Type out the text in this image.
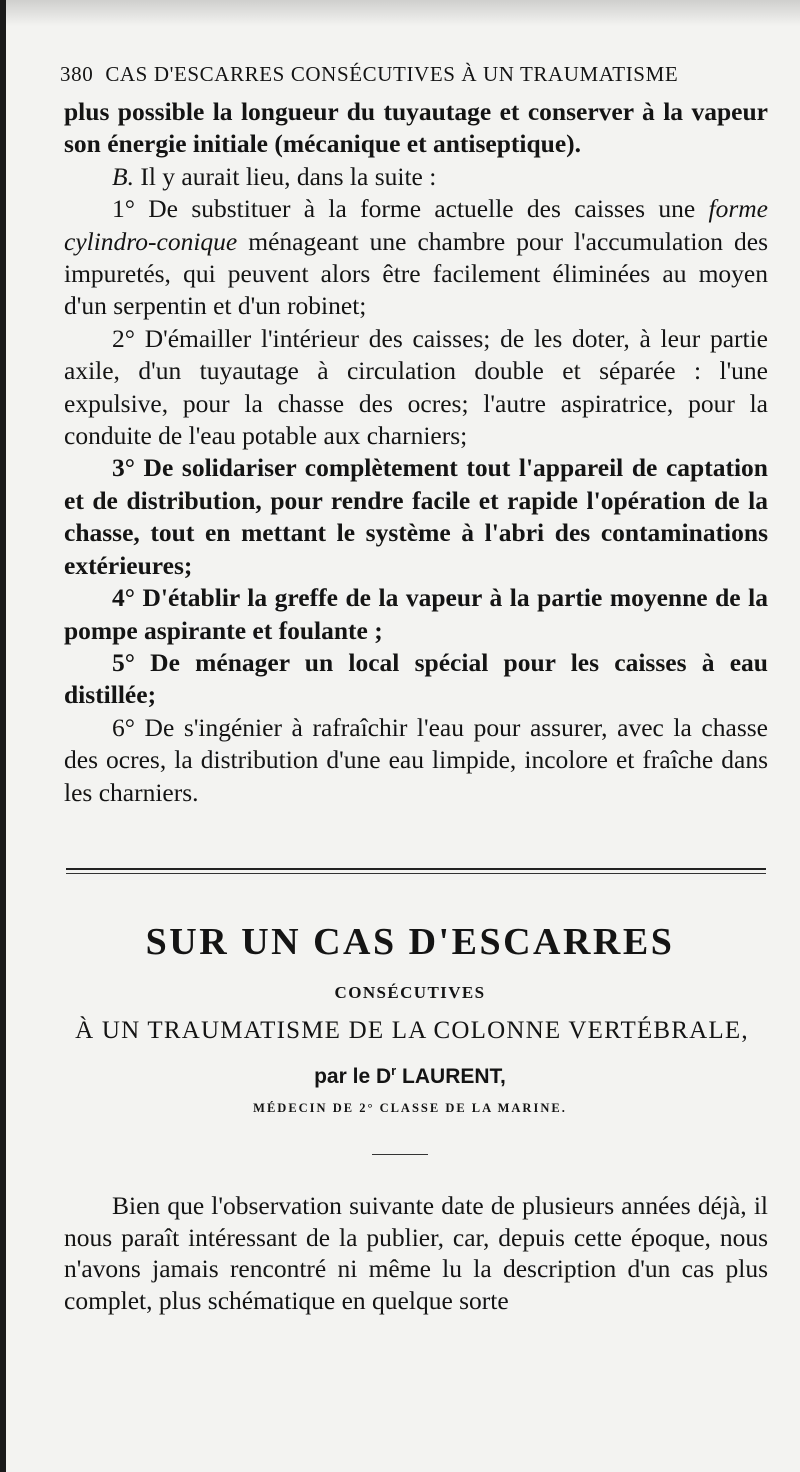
380 CAS D'ESCARRES CONSÉCUTIVES À UN TRAUMATISME

plus possible la longueur du tuyautage et conserver à la vapeur son énergie initiale (mécanique et antiseptique).

B. Il y aurait lieu, dans la suite :

1° De substituer à la forme actuelle des caisses une forme cylindro-conique ménageant une chambre pour l'accumulation des impuretés, qui peuvent alors être facilement éliminées au moyen d'un serpentin et d'un robinet;

2° D'émailler l'intérieur des caisses; de les doter, à leur partie axile, d'un tuyautage à circulation double et séparée : l'une expulsive, pour la chasse des ocres; l'autre aspiratrice, pour la conduite de l'eau potable aux charniers;

3° De solidariser complètement tout l'appareil de captation et de distribution, pour rendre facile et rapide l'opération de la chasse, tout en mettant le système à l'abri des contaminations extérieures;

4° D'établir la greffe de la vapeur à la partie moyenne de la pompe aspirante et foulante ;

5° De ménager un local spécial pour les caisses à eau distillée;

6° De s'ingénier à rafraîchir l'eau pour assurer, avec la chasse des ocres, la distribution d'une eau limpide, incolore et fraîche dans les charniers.

SUR UN CAS D'ESCARRES
CONSÉCUTIVES
À UN TRAUMATISME DE LA COLONNE VERTÉBRALE,
par le $D^r$ LAURENT,
MÉDECIN DE 2° CLASSE DE LA MARINE.

Bien que l'observation suivante date de plusieurs années déjà, il nous paraît intéressant de la publier, car, depuis cette époque, nous n'avons jamais rencontré ni même lu la description d'un cas plus complet, plus schématique en quelque sorte
